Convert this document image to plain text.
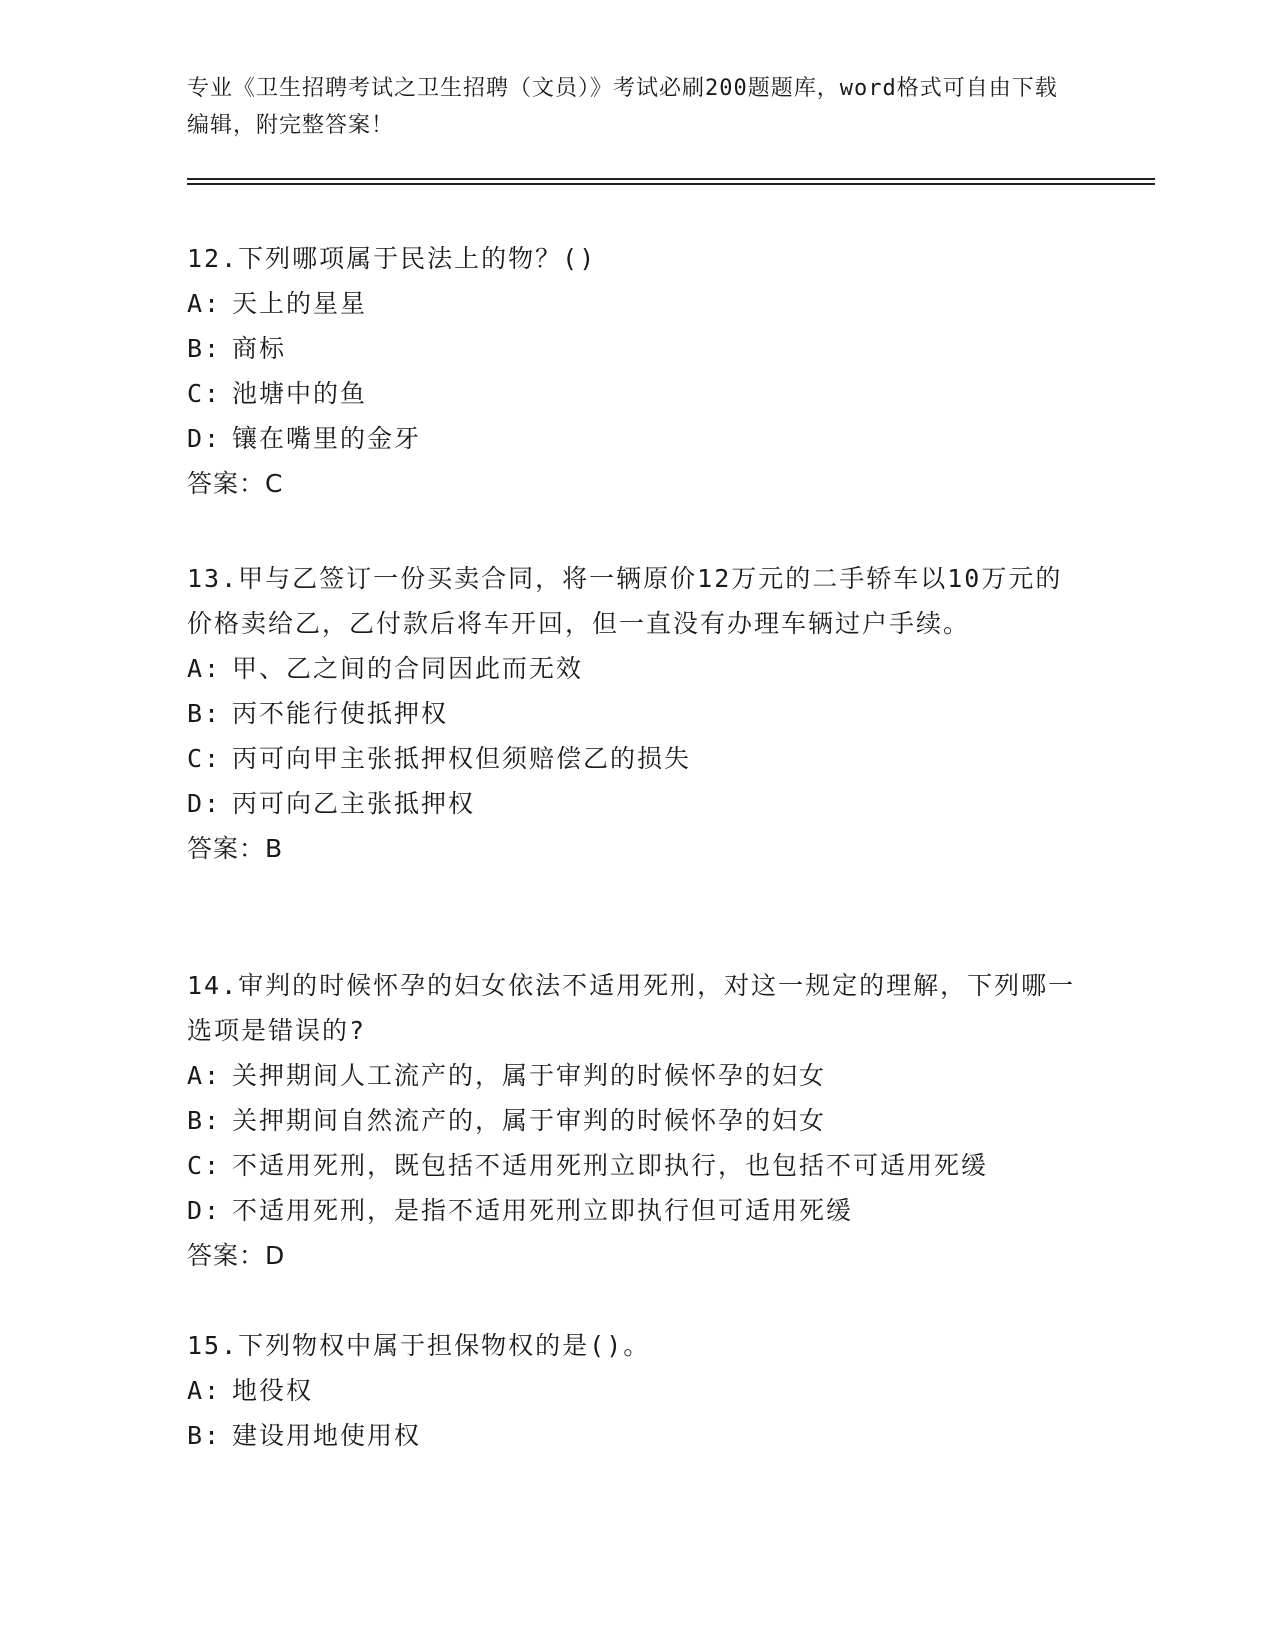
专业《卫生招聘考试之卫生招聘（文员）》考试必刷200题题库，word格式可自由下载编辑，附完整答案！

12.下列哪项属于民法上的物？()

A: 天上的星星

B: 商标

C: 池塘中的鱼

D: 镶在嘴里的金牙

答案：C

13.甲与乙签订一份买卖合同，将一辆原价12万元的二手轿车以10万元的价格卖给乙，乙付款后将车开回，但一直没有办理车辆过户手续。

A: 甲、乙之间的合同因此而无效

B: 丙不能行使抵押权

C: 丙可向甲主张抵押权但须赔偿乙的损失

D: 丙可向乙主张抵押权

答案：B

14.审判的时候怀孕的妇女依法不适用死刑，对这一规定的理解，下列哪一选项是错误的?

A: 关押期间人工流产的，属于审判的时候怀孕的妇女

B: 关押期间自然流产的，属于审判的时候怀孕的妇女

C: 不适用死刑，既包括不适用死刑立即执行，也包括不可适用死缓

D: 不适用死刑，是指不适用死刑立即执行但可适用死缓

答案：D

15.下列物权中属于担保物权的是()。

A: 地役权

B: 建设用地使用权
